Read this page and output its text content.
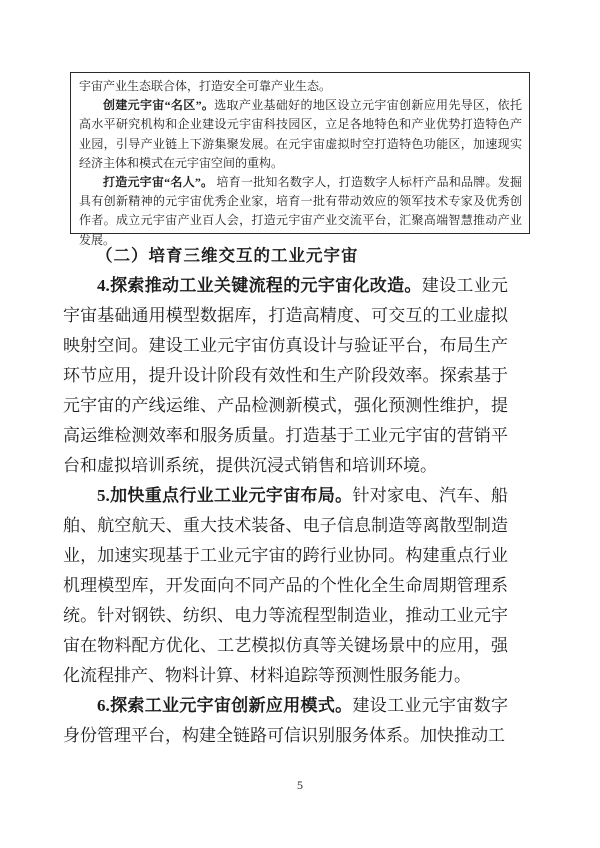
宇宙产业生态联合体，打造安全可靠产业生态。

创建元宇宙“名区”。选取产业基础好的地区设立元宇宙创新应用先导区，依托高水平研究机构和企业建设元宇宙科技园区，立足各地特色和产业优势打造特色产业园，引导产业链上下游集聚发展。在元宇宙虚拟时空打造特色功能区，加速现实经济主体和模式在元宇宙空间的重构。

打造元宇宙“名人”。 培育一批知名数字人，打造数字人标杆产品和品牌。发掘具有创新精神的元宇宙优秀企业家，培育一批有带动效应的领军技术专家及优秀创作者。成立元宇宙产业百人会，打造元宇宙产业交流平台，汇聚高端智慧推动产业发展。

（二）培育三维交互的工业元宇宙

4.探索推动工业关键流程的元宇宙化改造。建设工业元宇宙基础通用模型数据库，打造高精度、可交互的工业虚拟映射空间。建设工业元宇宙仿真设计与验证平台，布局生产环节应用，提升设计阶段有效性和生产阶段效率。探索基于元宇宙的产线运维、产品检测新模式，强化预测性维护，提高运维检测效率和服务质量。打造基于工业元宇宙的营销平台和虚拟培训系统，提供沉浸式销售和培训环境。

5.加快重点行业工业元宇宙布局。针对家电、汽车、船舶、航空航天、重大技术装备、电子信息制造等离散型制造业，加速实现基于工业元宇宙的跨行业协同。构建重点行业机理模型库，开发面向不同产品的个性化全生命周期管理系统。针对钢铁、纺织、电力等流程型制造业，推动工业元宇宙在物料配方优化、工艺模拟仿真等关键场景中的应用，强化流程排产、物料计算、材料追踪等预测性服务能力。

6.探索工业元宇宙创新应用模式。建设工业元宇宙数字身份管理平台，构建全链路可信识别服务体系。加快推动工

5
